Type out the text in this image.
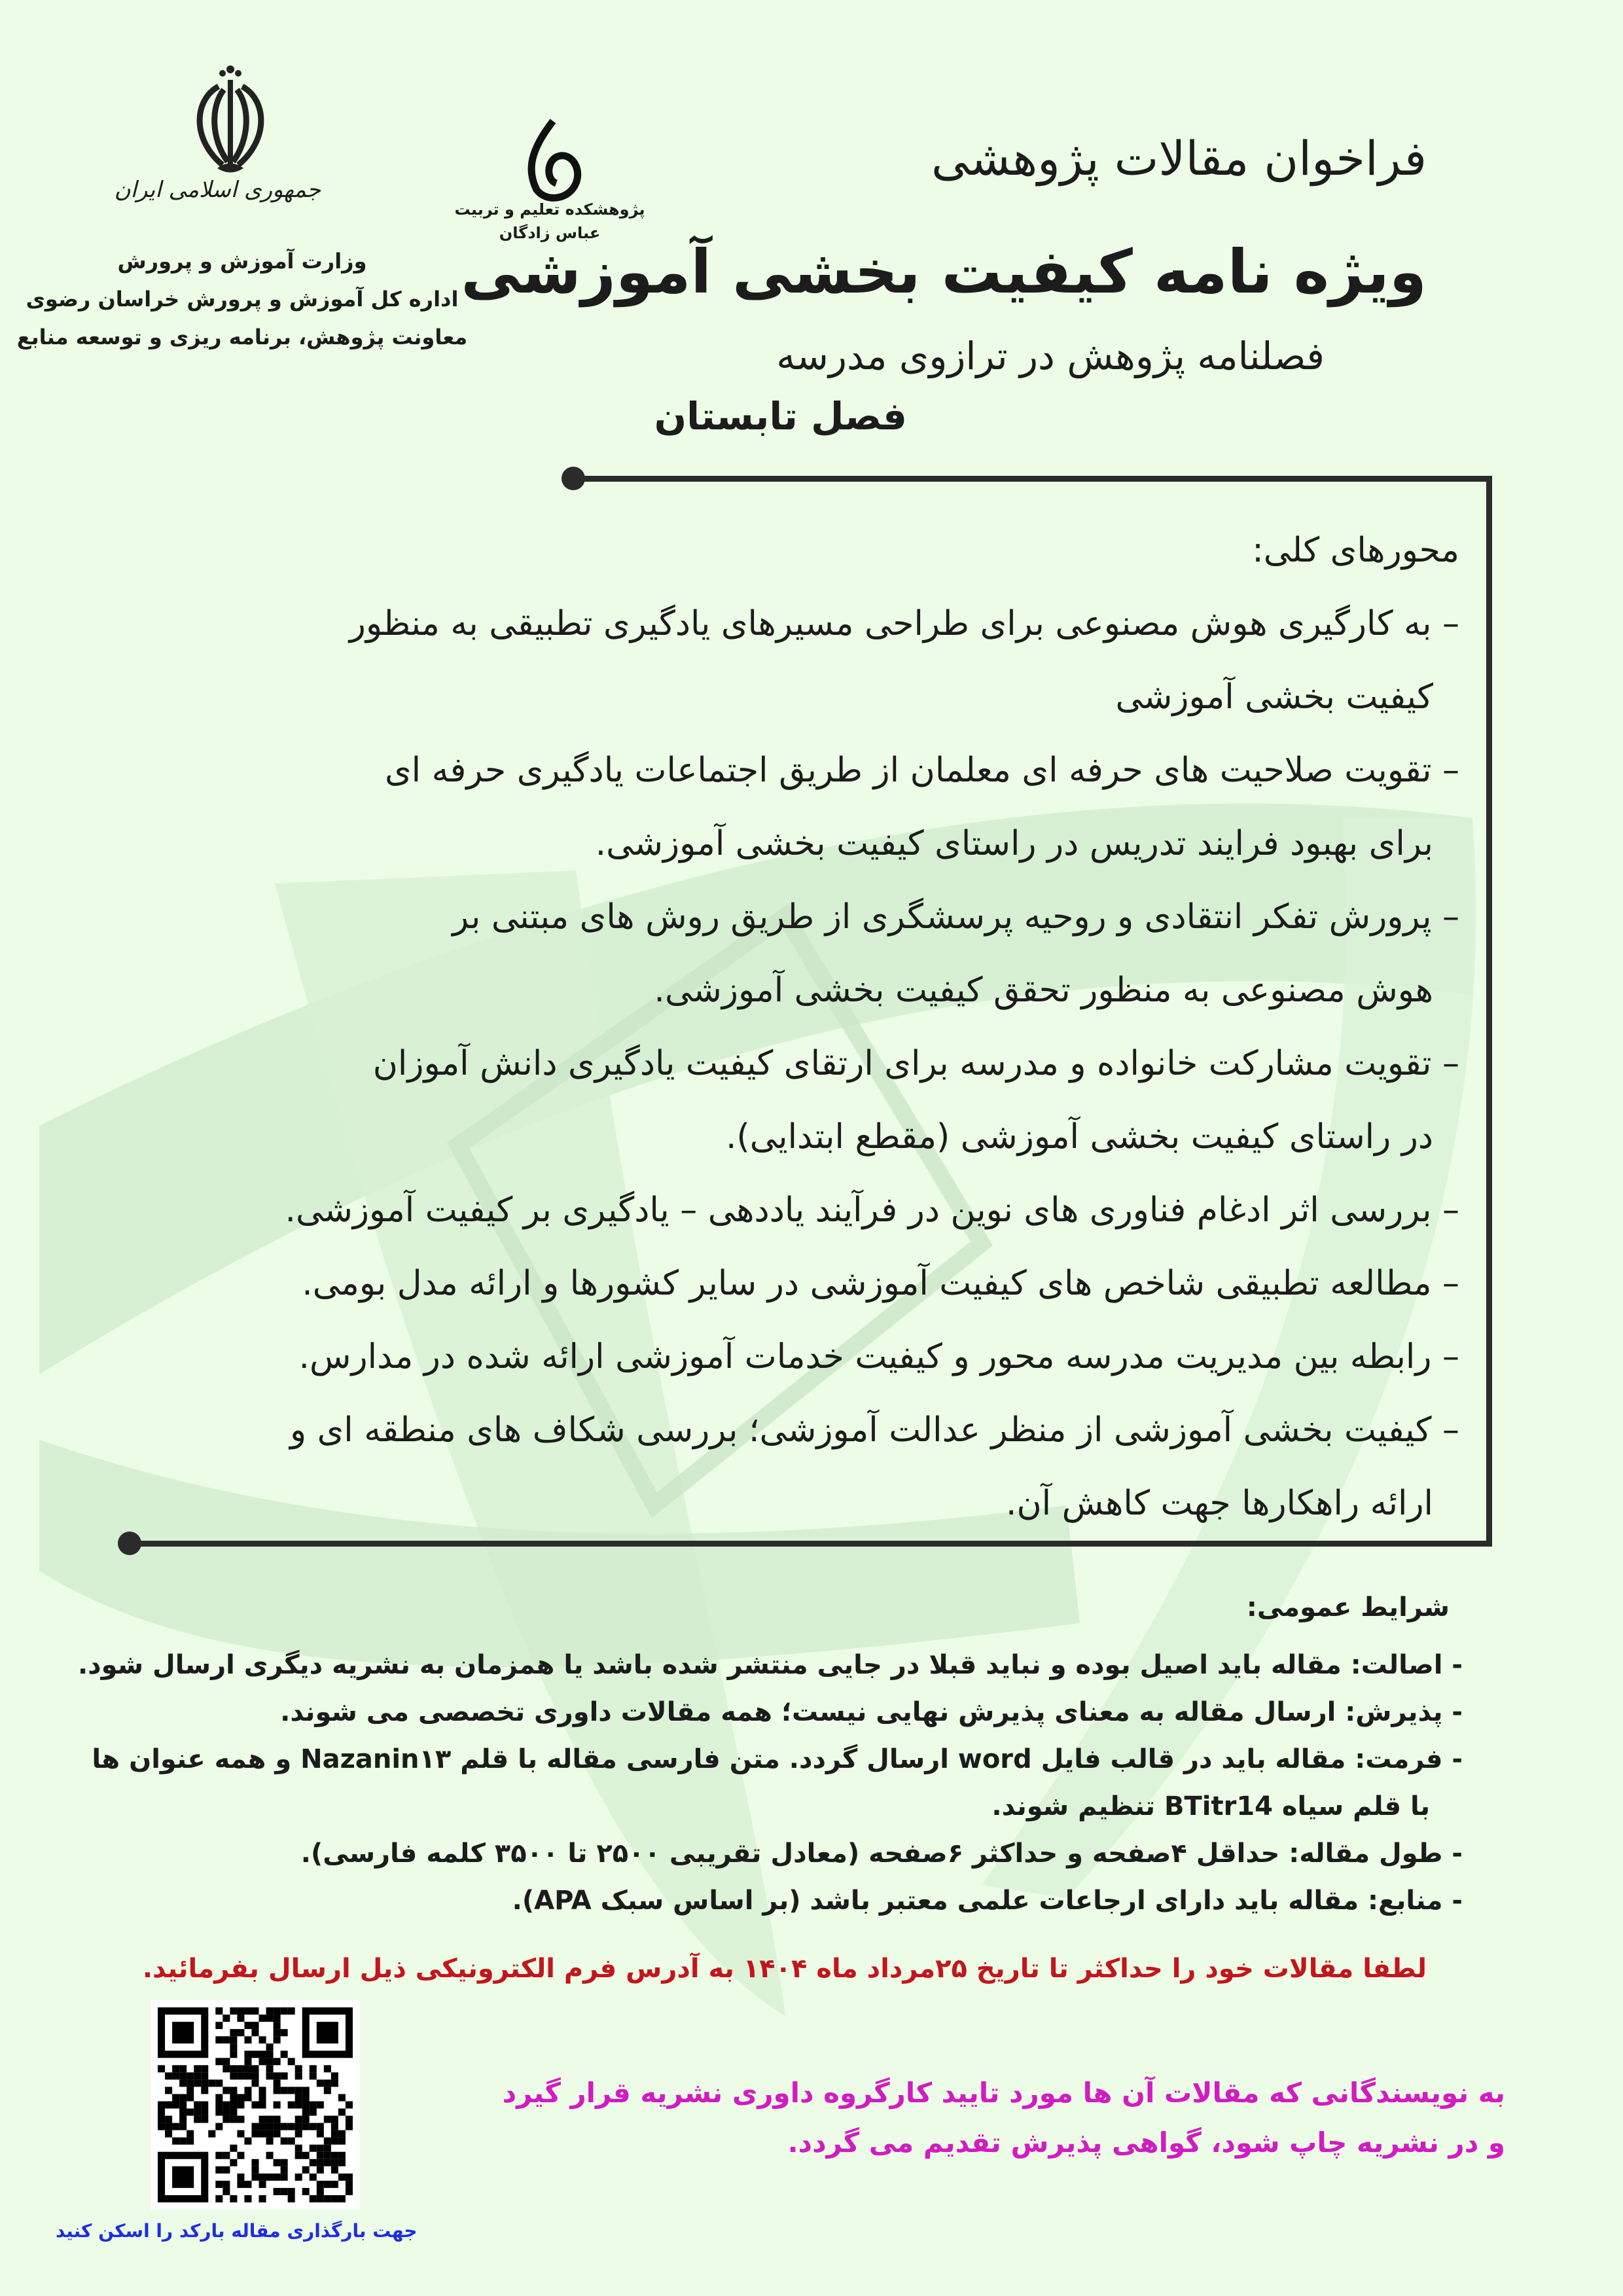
جمهوری اسلامی ایران
وزارت آموزش و پرورش
اداره کل آموزش و پرورش خراسان رضوی
معاونت پژوهش، برنامه ریزی و توسعه منابع
پژوهشکده تعلیم و تربیت
عباس زادگان
فراخوان مقالات پژوهشی
ویژه نامه کیفیت بخشی آموزشی
فصلنامه پژوهش در ترازوی مدرسه
فصل تابستان
محورهای کلی:
– به کارگیری هوش مصنوعی برای طراحی مسیرهای یادگیری تطبیقی به منظور
کیفیت بخشی آموزشی
– تقویت صلاحیت های حرفه ای معلمان از طریق اجتماعات یادگیری حرفه ای
برای بهبود فرایند تدریس در راستای کیفیت بخشی آموزشی.
– پرورش تفکر انتقادی و روحیه پرسشگری از طریق روش های مبتنی بر
هوش مصنوعی به منظور تحقق کیفیت بخشی آموزشی.
– تقویت مشارکت خانواده و مدرسه برای ارتقای کیفیت یادگیری دانش آموزان
در راستای کیفیت بخشی آموزشی (مقطع ابتدایی).
– بررسی اثر ادغام فناوری های نوین در فرآیند یاددهی – یادگیری بر کیفیت آموزشی.
– مطالعه تطبیقی شاخص های کیفیت آموزشی در سایر کشورها و ارائه مدل بومی.
– رابطه بین مدیریت مدرسه محور و کیفیت خدمات آموزشی ارائه شده در مدارس.
– کیفیت بخشی آموزشی از منظر عدالت آموزشی؛ بررسی شکاف های منطقه ای و
ارائه راهکارها جهت کاهش آن.
شرایط عمومی:
- اصالت: مقاله باید اصیل بوده و نباید قبلا در جایی منتشر شده باشد یا همزمان به نشریه دیگری ارسال شود.
- پذیرش: ارسال مقاله به معنای پذیرش نهایی نیست؛ همه مقالات داوری تخصصی می شوند.
- فرمت: مقاله باید در قالب فایل word ارسال گردد. متن فارسی مقاله با قلم Nazanin۱۳ و همه عنوان ها
با قلم سیاه BTitr14 تنظیم شوند.
- طول مقاله: حداقل ۴صفحه و حداکثر ۶صفحه (معادل تقریبی ۲۵۰۰ تا ۳۵۰۰ کلمه فارسی).
- منابع: مقاله باید دارای ارجاعات علمی معتبر باشد (بر اساس سبک APA).
لطفا مقالات خود را حداکثر تا تاریخ ۲۵مرداد ماه ۱۴۰۴ به آدرس فرم الکترونیکی ذیل ارسال بفرمائید.
جهت بارگذاری مقاله بارکد را اسکن کنید
به نویسندگانی که مقالات آن ها مورد تایید کارگروه داوری نشریه قرار گیرد
و در نشریه چاپ شود، گواهی پذیرش تقدیم می گردد.
